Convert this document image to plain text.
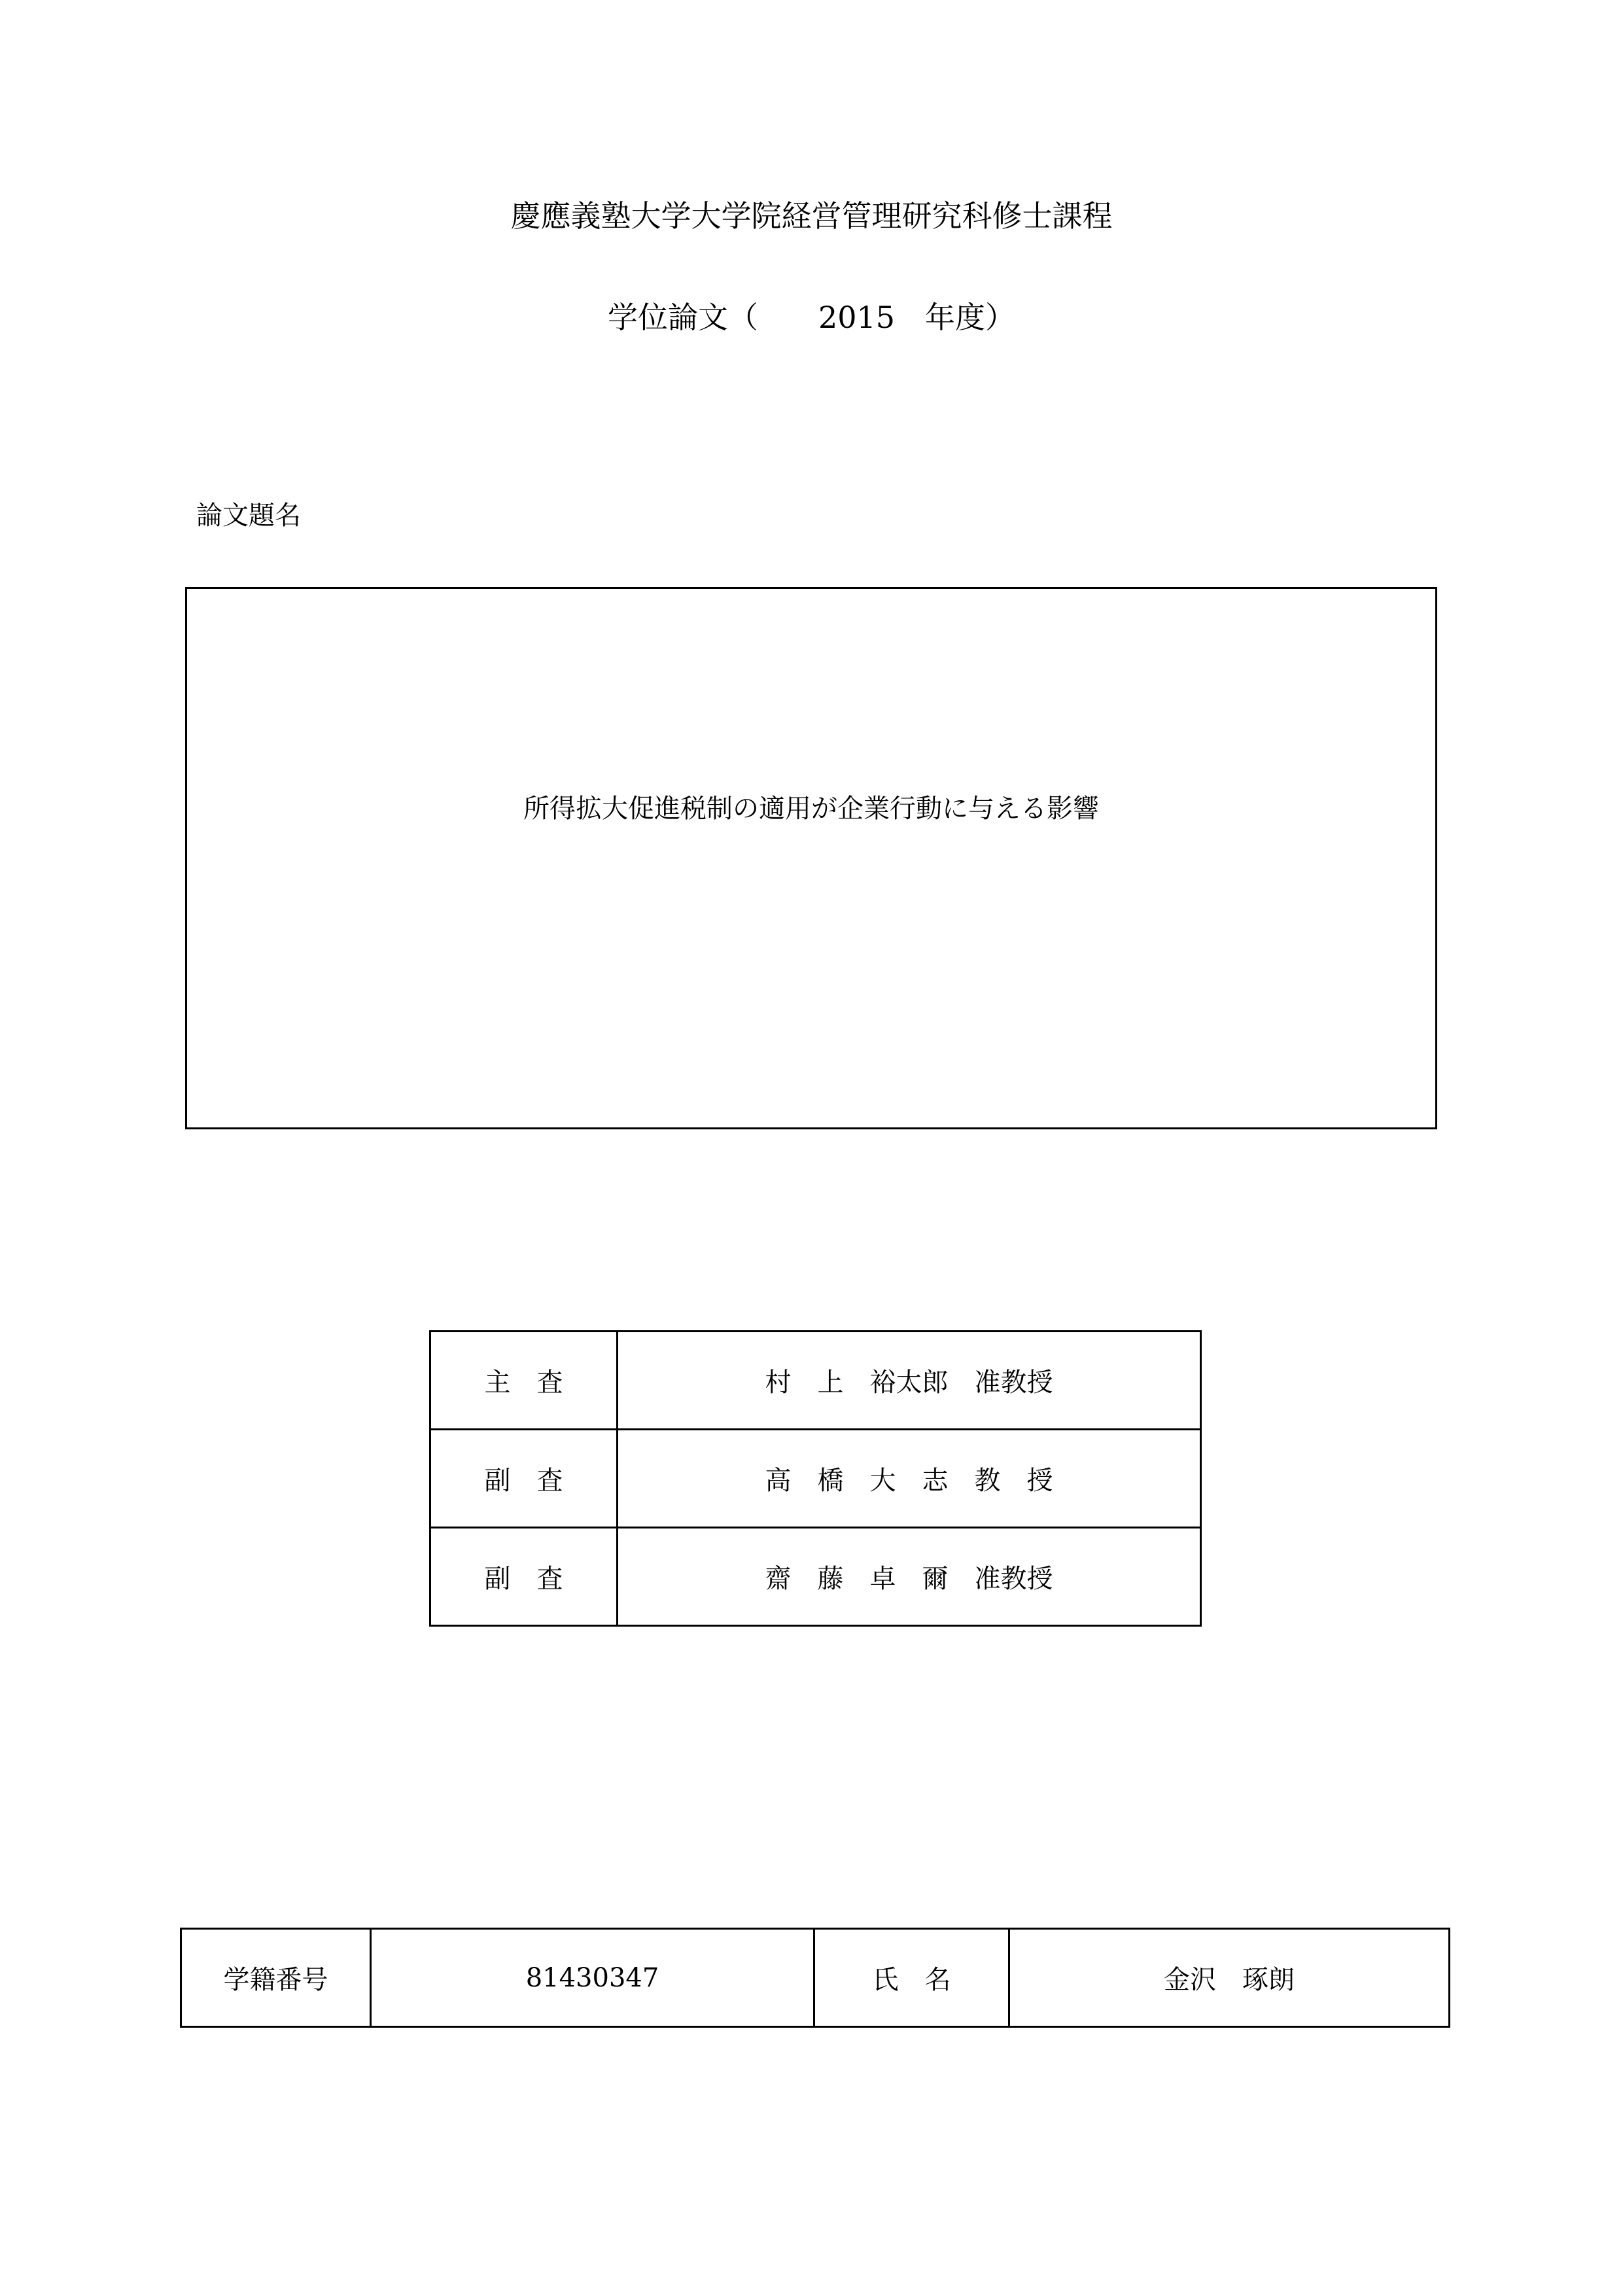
慶應義塾大学大学院経営管理研究科修士課程
学位論文（　　2015　年度）
論文題名
所得拡大促進税制の適用が企業行動に与える影響
主　査	村　上　裕太郎　准教授
副　査	高　橋　大　志　教　授
副　査	齋　藤　卓　爾　准教授
学籍番号	81430347	氏　名	金沢　琢朗
